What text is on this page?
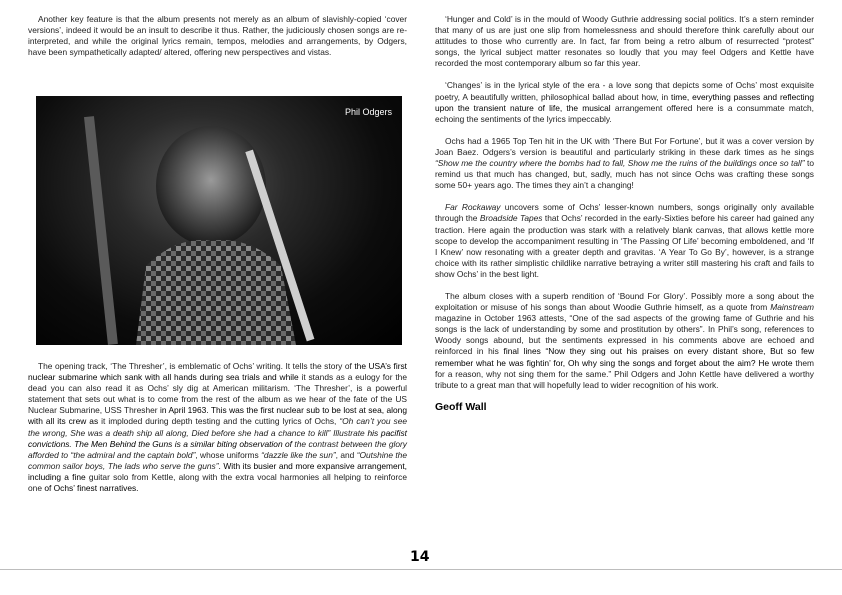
Another key feature is that the album presents not merely as an album of slavishly-copied ‘cover versions’, indeed it would be an insult to describe it thus. Rather, the judiciously chosen songs are re-interpreted, and while the original lyrics remain, tempos, melodies and arrangements, by Odgers, have been sympathetically adapted/ altered, offering new perspectives and vistas.

Phil Odgers

The opening track, ‘The Thresher’, is emblematic of Ochs’ writing. It tells the story of the USA’s first nuclear submarine which sank with all hands during sea trials and while it stands as a eulogy for the dead you can also read it as Ochs’ sly dig at American militarism. ‘The Thresher’, is a powerful statement that sets out what is to come from the rest of the album as we hear of the fate of the US Nuclear Submarine, USS Thresher in April 1963. This was the first nuclear sub to be lost at sea, along with all its crew as it imploded during depth testing and the cutting lyrics of Ochs, “Oh can’t you see the wrong, She was a death ship all along, Died before she had a chance to kill” Illustrate his pacifist convictions. The Men Behind the Guns is a similar biting observation of the contrast between the glory afforded to “the admiral and the captain bold”, whose uniforms “dazzle like the sun”, and “Outshine the common sailor boys, The lads who serve the guns”. With its busier and more expansive arrangement, including a fine guitar solo from Kettle, along with the extra vocal harmonies all helping to reinforce one of Ochs’ finest narratives.

‘Hunger and Cold’ is in the mould of Woody Guthrie addressing social politics. It’s a stern reminder that many of us are just one slip from homelessness and should therefore think carefully about our attitudes to those who currently are. In fact, far from being a retro album of resurrected “protest” songs, the lyrical subject matter resonates so loudly that you may feel Odgers and Kettle have recorded the most contemporary album so far this year.

‘Changes’ is in the lyrical style of the era - a love song that depicts some of Ochs’ most exquisite poetry, A beautifully written, philosophical ballad about how, in time, everything passes and reflecting upon the transient nature of life, the musical arrangement offered here is a consummate match, echoing the sentiments of the lyrics impeccably.

Ochs had a 1965 Top Ten hit in the UK with ‘There But For Fortune’, but it was a cover version by Joan Baez. Odgers’s version is beautiful and particularly striking in these dark times as he sings “Show me the country where the bombs had to fall, Show me the ruins of the buildings once so tall” to remind us that much has changed, but, sadly, much has not since Ochs was crafting these songs some 50+ years ago. The times they ain’t a changing!

Far Rockaway uncovers some of Ochs’ lesser-known numbers, songs originally only available through the Broadside Tapes that Ochs’ recorded in the early-Sixties before his career had gained any traction. Here again the production was stark with a relatively blank canvas, that allows kettle more scope to develop the accompaniment resulting in ‘The Passing Of Life’ becoming emboldened, and ‘If I Knew’ now resonating with a greater depth and gravitas. ‘A Year To Go By’, however, is a strange choice with its rather simplistic childlike narrative betraying a writer still mastering his craft and fails to show Ochs’ in the best light.

The album closes with a superb rendition of ‘Bound For Glory’. Possibly more a song about the exploitation or misuse of his songs than about Woodie Guthrie himself, as a quote from Mainstream magazine in October 1963 attests, “One of the sad aspects of the growing fame of Guthrie and his songs is the lack of understanding by some and prostitution by others”. In Phil’s song, references to Woody songs abound, but the sentiments expressed in his comments above are echoed and reinforced in his final lines “Now they sing out his praises on every distant shore, But so few remember what he was fightin’ for, Oh why sing the songs and forget about the aim? He wrote them for a reason, why not sing them for the same.” Phil Odgers and John Kettle have delivered a worthy tribute to a great man that will hopefully lead to wider recognition of his work.

Geoff Wall

14
